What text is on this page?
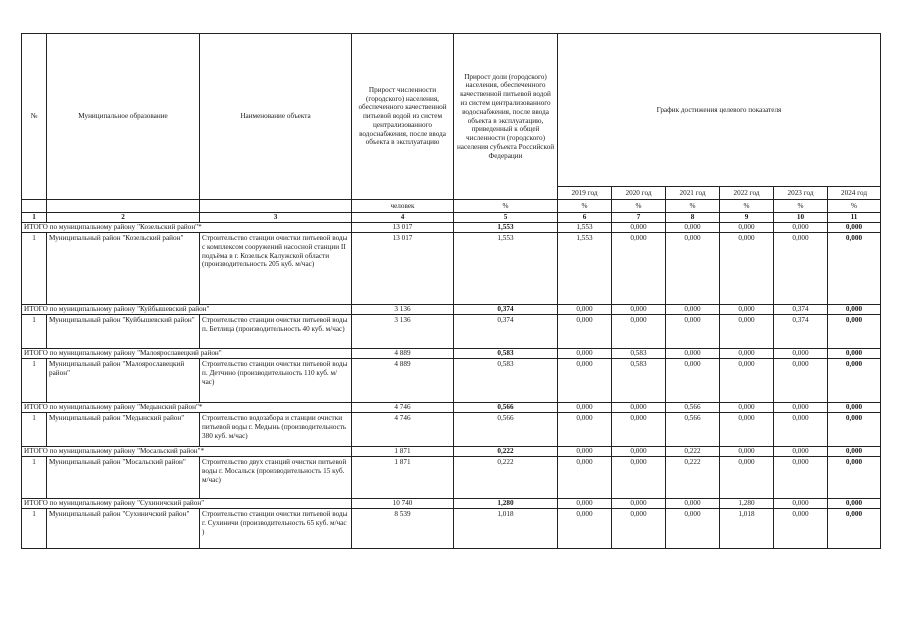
№	Муниципальное образование	Наименование объекта	Прирост численности (городского) населения, обеспеченного качественной питьевой водой из систем централизованного водоснабжения, после ввода объекта в эксплуатацию	Прирост доли (городского) населения, обеспеченного качественной питьевой водой из систем централизованного водоснабжения, после ввода объекта в эксплуатацию, приведенный к общей численности (городского) населения субъекта Российской Федерации	График достижения целевого показателя					
					2019 год	2020 год	2021 год	2022 год	2023 год	2024 год
			человек	%	%	%	%	%	%	%
1	2	3	4	5	6	7	8	9	10	11
ИТОГО по муниципальному району "Козельский район"*			13 017	1,553	1,553	0,000	0,000	0,000	0,000	0,000
1	Муниципальный район "Козельский район"	Строительство станции очистки питьевой воды с комплексом сооружений насосной станции II подъёма в г. Козельск Калужской области (производительность 205 куб. м/час)	13 017	1,553	1,553	0,000	0,000	0,000	0,000	0,000
ИТОГО по муниципальному району "Куйбышевский район"			3 136	0,374	0,000	0,000	0,000	0,000	0,374	0,000
1	Муниципальный район "Куйбышевский район"	Строительство станции очистки питьевой воды п. Бетлица (производительность 40 куб. м/час)	3 136	0,374	0,000	0,000	0,000	0,000	0,374	0,000
ИТОГО по муниципальному району "Малоярославецкий район"			4 889	0,583	0,000	0,583	0,000	0,000	0,000	0,000
1	Муниципальный район "Малоярославецкий район"	Строительство станции очистки питьевой воды п. Детчино (производительность 110 куб. м/час)	4 889	0,583	0,000	0,583	0,000	0,000	0,000	0,000
ИТОГО по муниципальному району "Медынский район"*			4 746	0,566	0,000	0,000	0,566	0,000	0,000	0,000
1	Муниципальный район "Медынский район"	Строительство водозабора и станции очистки питьевой воды г. Медынь (производительность 380 куб. м/час)	4 746	0,566	0,000	0,000	0,566	0,000	0,000	0,000
ИТОГО по муниципальному району "Мосальский район"*			1 871	0,222	0,000	0,000	0,222	0,000	0,000	0,000
1	Муниципальный район "Мосальский район"	Строительство двух станций очистки питьевой воды г. Мосальск (производительность 15 куб. м/час)	1 871	0,222	0,000	0,000	0,222	0,000	0,000	0,000
ИТОГО по муниципальному району "Сухиничский район"			10 740	1,280	0,000	0,000	0,000	1,280	0,000	0,000
1	Муниципальный район "Сухиничский район"	Строительство станции очистки питьевой воды г. Сухиничи (производительность 65 куб. м/час )	8 539	1,018	0,000	0,000	0,000	1,018	0,000	0,000
